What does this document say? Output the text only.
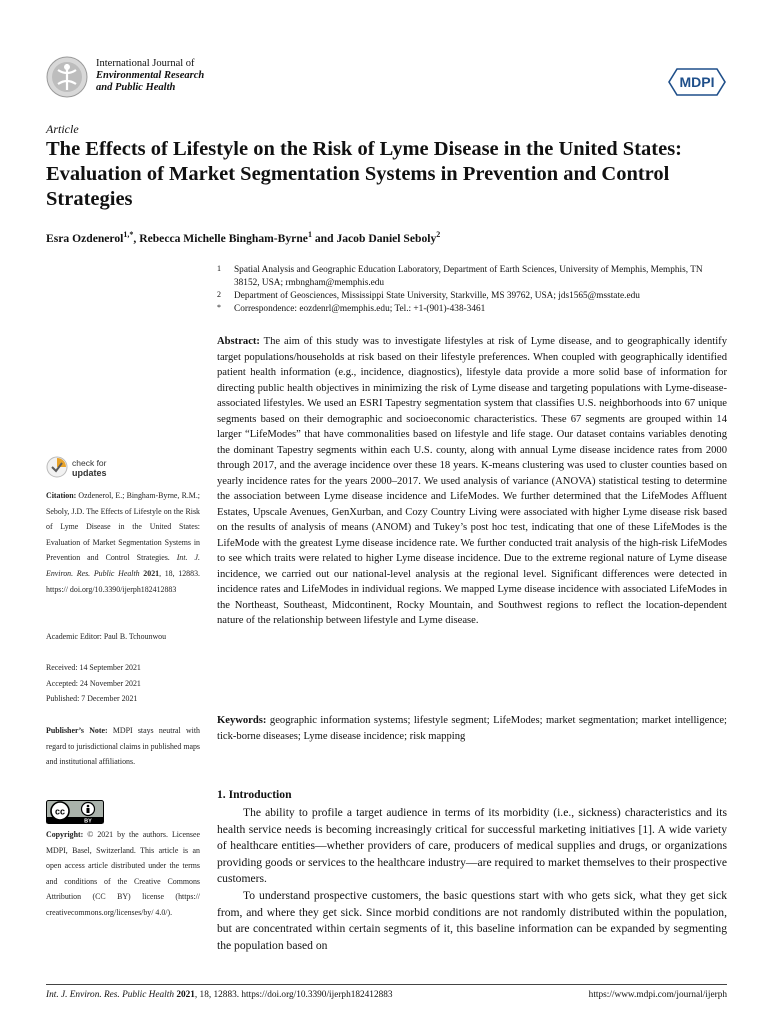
International Journal of
Environmental Research
and Public Health	MDPI
Article
The Effects of Lifestyle on the Risk of Lyme Disease in the United States: Evaluation of Market Segmentation Systems in Prevention and Control Strategies
Esra Ozdenerol$^{1,*}$, Rebecca Michelle Bingham-Byrne$^1$ and Jacob Daniel Seboly$^2$
1 Spatial Analysis and Geographic Education Laboratory, Department of Earth Sciences, University of Memphis, Memphis, TN 38152, USA; rmbngham@memphis.edu
2 Department of Geosciences, Mississippi State University, Starkville, MS 39762, USA; jds1565@msstate.edu
* Correspondence: eozdenrl@memphis.edu; Tel.: +1-(901)-438-3461

Abstract: The aim of this study was to investigate lifestyles at risk of Lyme disease, and to geographically identify target populations/households at risk based on their lifestyle preferences. When coupled with geographically identified patient health information (e.g., incidence, diagnostics), lifestyle data provide a more solid base of information for directing public health objectives in minimizing the risk of Lyme disease and targeting populations with Lyme-disease-associated lifestyles. We used an ESRI Tapestry segmentation system that classifies U.S. neighborhoods into 67 unique segments based on their demographic and socioeconomic characteristics. These 67 segments are grouped within 14 larger “LifeModes” that have commonalities based on lifestyle and life stage. Our dataset contains variables denoting the dominant Tapestry segments within each U.S. county, along with annual Lyme disease incidence rates from 2000 through 2017, and the average incidence over these 18 years. K-means clustering was used to cluster counties based on yearly incidence rates for the years 2000–2017. We used analysis of variance (ANOVA) statistical testing to determine the association between Lyme disease incidence and LifeModes. We further determined that the LifeModes Affluent Estates, Upscale Avenues, GenXurban, and Cozy Country Living were associated with higher Lyme disease risk based on the results of analysis of means (ANOM) and Tukey’s post hoc test, indicating that one of these LifeModes is the LifeMode with the greatest Lyme disease incidence rate. We further conducted trait analysis of the high-risk LifeModes to see which traits were related to higher Lyme disease incidence. Due to the extreme regional nature of Lyme disease incidence, we carried out our national-level analysis at the regional level. Significant differences were detected in incidence rates and LifeModes in individual regions. We mapped Lyme disease incidence with associated LifeModes in the Northeast, Southeast, Midcontinent, Rocky Mountain, and Southwest regions to reflect the location-dependent nature of the relationship between lifestyle and Lyme disease.

Keywords: geographic information systems; lifestyle segment; LifeModes; market segmentation; market intelligence; tick-borne diseases; Lyme disease incidence; risk mapping

check for
updates
Citation: Ozdenerol, E.; Bingham-Byrne, R.M.; Seboly, J.D. The Effects of Lifestyle on the Risk of Lyme Disease in the United States: Evaluation of Market Segmentation Systems in Prevention and Control Strategies. Int. J. Environ. Res. Public Health 2021, 18, 12883. https:// doi.org/10.3390/ijerph182412883
Academic Editor: Paul B. Tchounwou
Received: 14 September 2021
Accepted: 24 November 2021
Published: 7 December 2021
Publisher’s Note: MDPI stays neutral with regard to jurisdictional claims in published maps and institutional affiliations.
cc
BY
Copyright: © 2021 by the authors. Licensee MDPI, Basel, Switzerland. This article is an open access article distributed under the terms and conditions of the Creative Commons Attribution (CC BY) license (https:// creativecommons.org/licenses/by/ 4.0/).
1. Introduction

The ability to profile a target audience in terms of its morbidity (i.e., sickness) characteristics and its health service needs is becoming increasingly critical for successful marketing initiatives [1]. A wide variety of healthcare entities—whether providers of care, producers of medical supplies and drugs, or organizations providing goods or services to the healthcare industry—are required to market themselves to their prospective customers.

To understand prospective customers, the basic questions start with who gets sick, what they get sick from, and where they get sick. Since morbid conditions are not randomly distributed within the population, but are concentrated within certain segments of it, this baseline information can be expanded by segmenting the population based on

Int. J. Environ. Res. Public Health 2021, 18, 12883. https://doi.org/10.3390/ijerph182412883	https://www.mdpi.com/journal/ijerph
